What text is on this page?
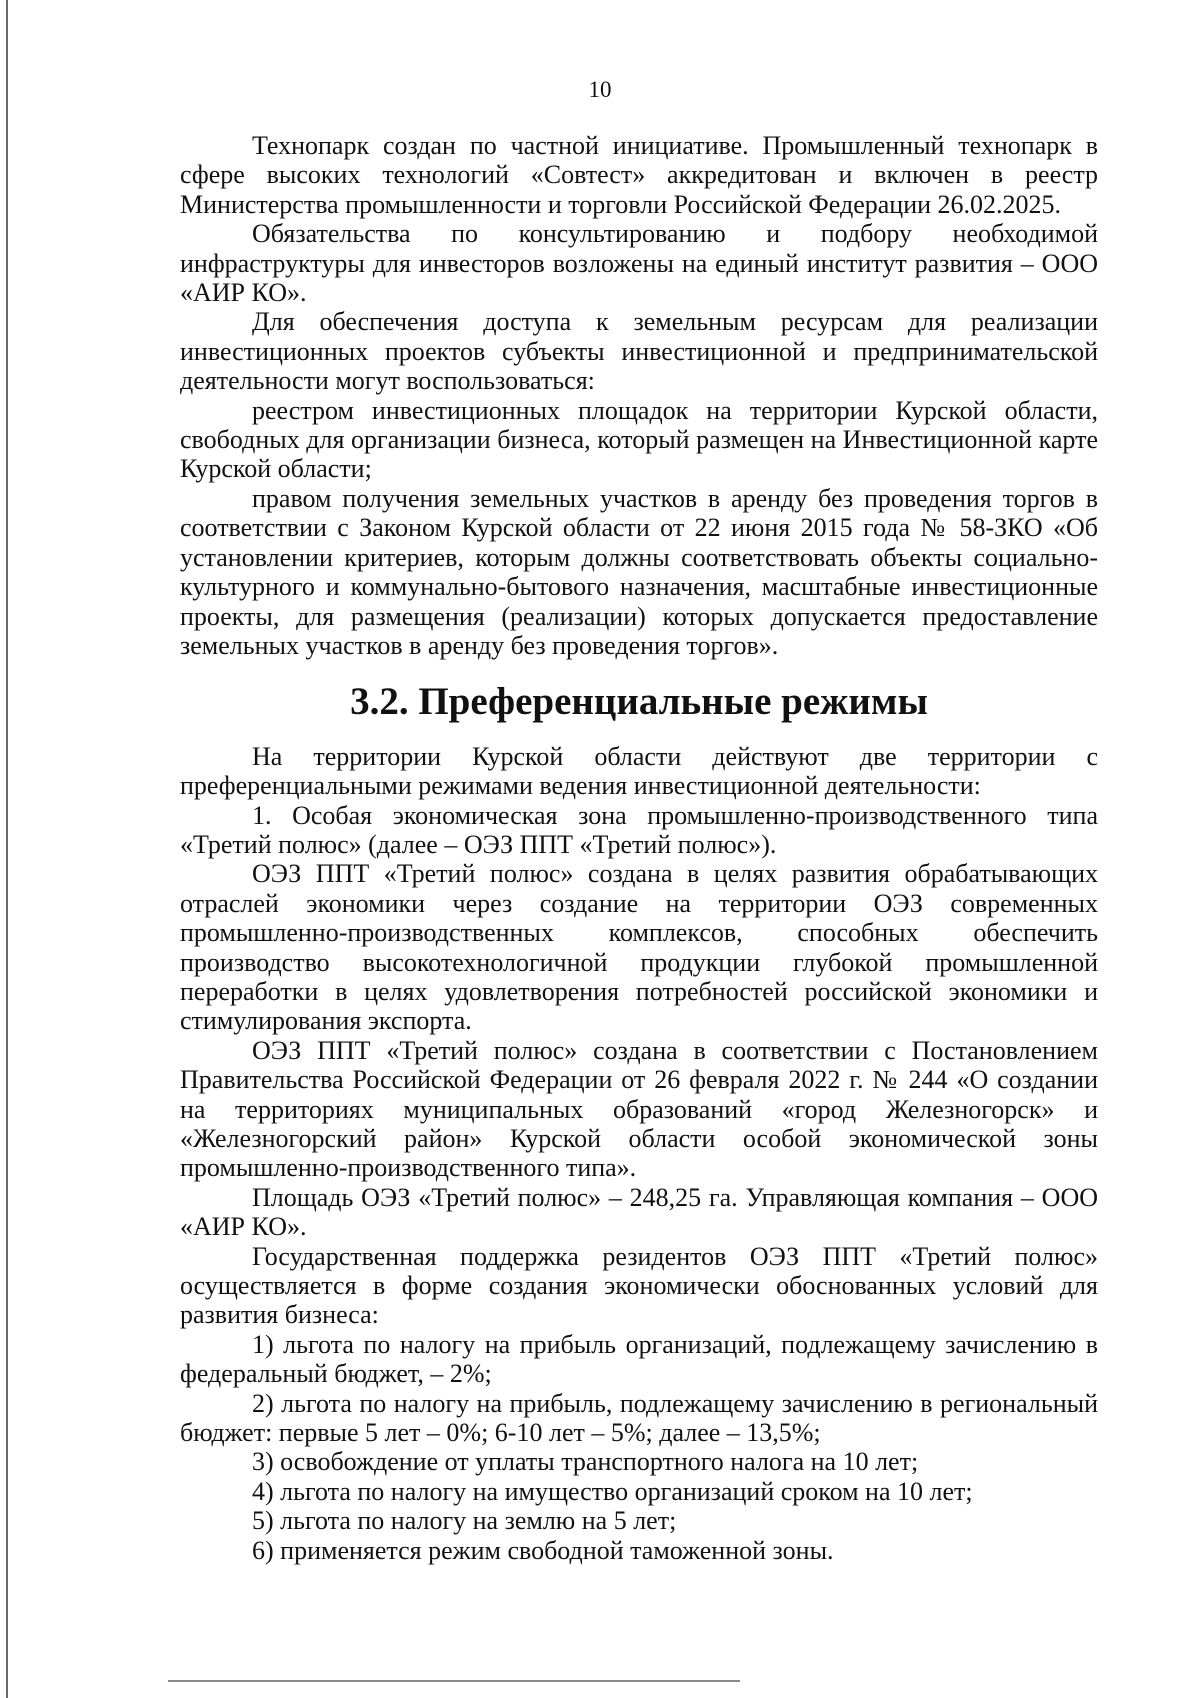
10

Технопарк создан по частной инициативе. Промышленный технопарк в сфере высоких технологий «Совтест» аккредитован и включен в реестр Министерства промышленности и торговли Российской Федерации 26.02.2025.

Обязательства по консультированию и подбору необходимой инфраструктуры для инвесторов возложены на единый институт развития – ООО «АИР КО».

Для обеспечения доступа к земельным ресурсам для реализации инвестиционных проектов субъекты инвестиционной и предпринимательской деятельности могут воспользоваться:

реестром инвестиционных площадок на территории Курской области, свободных для организации бизнеса, который размещен на Инвестиционной карте Курской области;

правом получения земельных участков в аренду без проведения торгов в соответствии с Законом Курской области от 22 июня 2015 года № 58-ЗКО «Об установлении критериев, которым должны соответствовать объекты социально-культурного и коммунально-бытового назначения, масштабные инвестиционные проекты, для размещения (реализации) которых допускается предоставление земельных участков в аренду без проведения торгов».

3.2. Преференциальные режимы

На территории Курской области действуют две территории с преференциальными режимами ведения инвестиционной деятельности:

1. Особая экономическая зона промышленно-производственного типа «Третий полюс» (далее – ОЭЗ ППТ «Третий полюс»).

ОЭЗ ППТ «Третий полюс» создана в целях развития обрабатывающих отраслей экономики через создание на территории ОЭЗ современных промышленно-производственных комплексов, способных обеспечить производство высокотехнологичной продукции глубокой промышленной переработки в целях удовлетворения потребностей российской экономики и стимулирования экспорта.

ОЭЗ ППТ «Третий полюс» создана в соответствии с Постановлением Правительства Российской Федерации от 26 февраля 2022 г. № 244 «О создании на территориях муниципальных образований «город Железногорск» и «Железногорский район» Курской области особой экономической зоны промышленно-производственного типа».

Площадь ОЭЗ «Третий полюс» – 248,25 га. Управляющая компания – ООО «АИР КО».

Государственная поддержка резидентов ОЭЗ ППТ «Третий полюс» осуществляется в форме создания экономически обоснованных условий для развития бизнеса:

1) льгота по налогу на прибыль организаций, подлежащему зачислению в федеральный бюджет, – 2%;

2) льгота по налогу на прибыль, подлежащему зачислению в региональный бюджет: первые 5 лет – 0%; 6-10 лет – 5%; далее – 13,5%;

3) освобождение от уплаты транспортного налога на 10 лет;

4) льгота по налогу на имущество организаций сроком на 10 лет;

5) льгота по налогу на землю на 5 лет;

6) применяется режим свободной таможенной зоны.
